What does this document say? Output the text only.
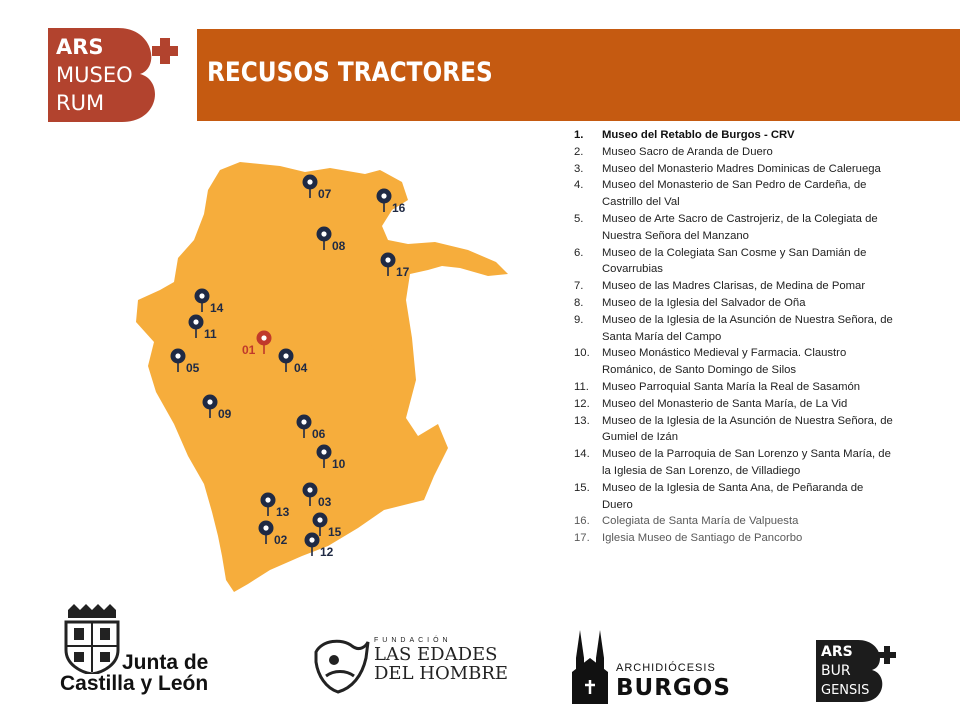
ARS
MUSEO
RUM
RECUSOS TRACTORES
01
02
03
04
05
06
07
08
09
10
11
12
13
14
15
16
17
1. Museo del Retablo de Burgos - CRV
2. Museo Sacro de Aranda de Duero
3. Museo del Monasterio Madres Dominicas de Caleruega
4. Museo del Monasterio de San Pedro de Cardeña, de Castrillo del Val
5. Museo de Arte Sacro de Castrojeriz, de la Colegiata de Nuestra Señora del Manzano
6. Museo de la Colegiata San Cosme y San Damián de Covarrubias
7. Museo de las Madres Clarisas, de Medina de Pomar
8. Museo de la Iglesia del Salvador de Oña
9. Museo de la Iglesia de la Asunción de Nuestra Señora, de Santa María del Campo
10. Museo Monástico Medieval y Farmacia. Claustro Románico, de Santo Domingo de Silos
11. Museo Parroquial Santa María la Real de Sasamón
12. Museo del Monasterio de Santa María, de La Vid
13. Museo de la Iglesia de la Asunción de Nuestra Señora, de Gumiel de Izán
14. Museo de la Parroquia de San Lorenzo y Santa María, de la Iglesia de San Lorenzo, de Villadiego
15. Museo de la Iglesia de Santa Ana, de Peñaranda de Duero
16. Colegiata de Santa María de Valpuesta
17. Iglesia Museo de Santiago de Pancorbo
Junta de
Castilla y León
FUNDACIÓN
LAS EDADES
DEL HOMBRE	ARCHIDIÓCESIS
BURGOS
ARS
BUR
GENSIS
